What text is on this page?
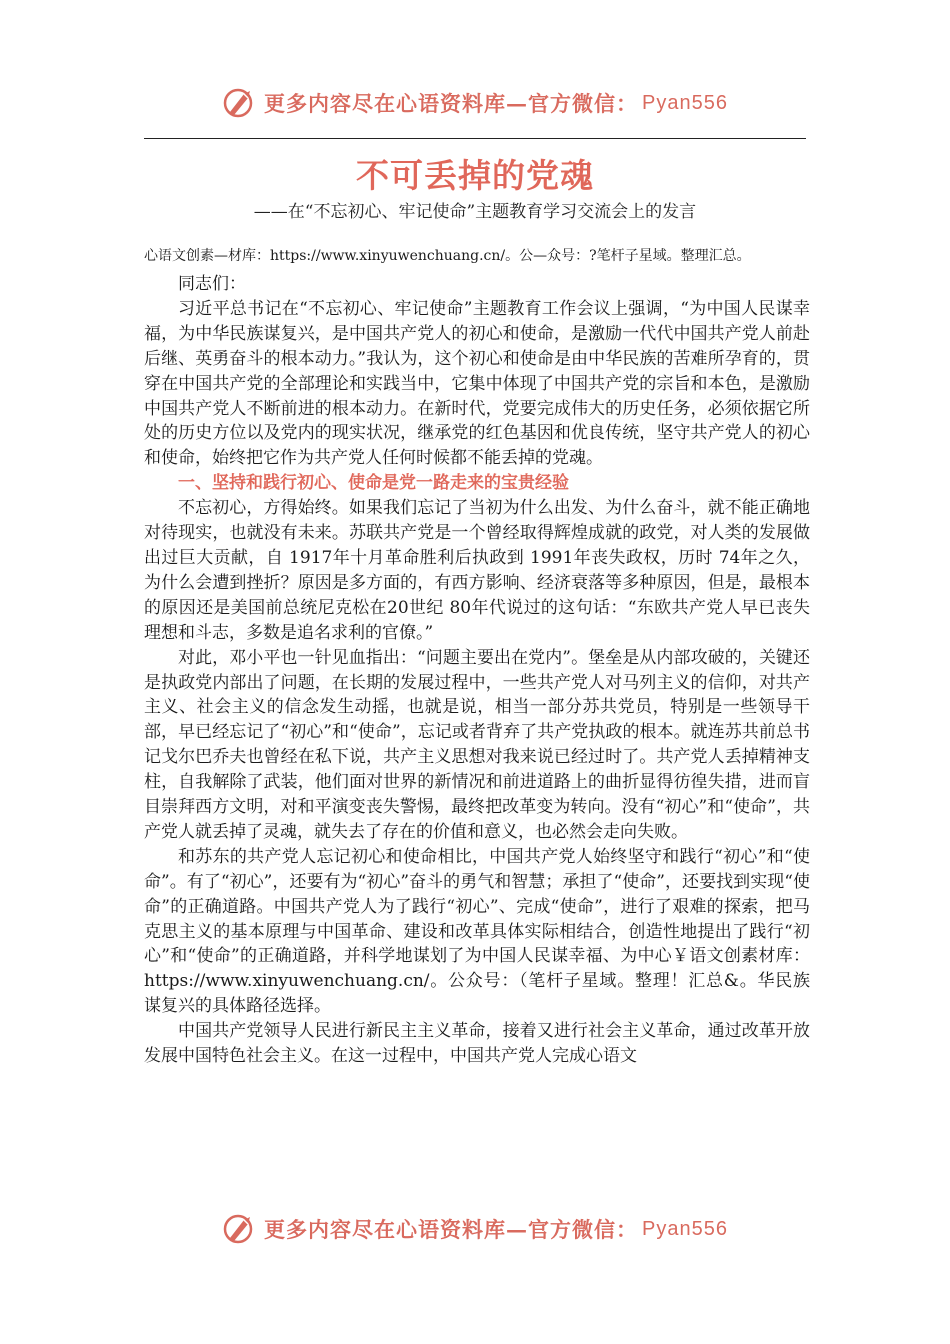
更多内容尽在心语资料库—官方微信： Pyan556
不可丢掉的党魂
——在“不忘初心、牢记使命”主题教育学习交流会上的发言

心语文创素—材库：https://www.xinyuwenchuang.cn/。公—众号：?笔杆子星域。整理汇总。

同志们：

习近平总书记在“不忘初心、牢记使命”主题教育工作会议上强调，“为中国人民谋幸福，为中华民族谋复兴，是中国共产党人的初心和使命，是激励一代代中国共产党人前赴后继、英勇奋斗的根本动力。”我认为，这个初心和使命是由中华民族的苦难所孕育的，贯穿在中国共产党的全部理论和实践当中，它集中体现了中国共产党的宗旨和本色，是激励中国共产党人不断前进的根本动力。在新时代，党要完成伟大的历史任务，必须依据它所处的历史方位以及党内的现实状况，继承党的红色基因和优良传统，坚守共产党人的初心和使命，始终把它作为共产党人任何时候都不能丢掉的党魂。

一、坚持和践行初心、使命是党一路走来的宝贵经验

不忘初心，方得始终。如果我们忘记了当初为什么出发、为什么奋斗，就不能正确地对待现实，也就没有未来。苏联共产党是一个曾经取得辉煌成就的政党，对人类的发展做出过巨大贡献，自 1917年十月革命胜利后执政到 1991年丧失政权，历时 74年之久，为什么会遭到挫折？原因是多方面的，有西方影响、经济衰落等多种原因，但是，最根本的原因还是美国前总统尼克松在20世纪 80年代说过的这句话：“东欧共产党人早已丧失理想和斗志，多数是追名求利的官僚。”

对此，邓小平也一针见血指出：“问题主要出在党内”。堡垒是从内部攻破的，关键还是执政党内部出了问题，在长期的发展过程中，一些共产党人对马列主义的信仰，对共产主义、社会主义的信念发生动摇，也就是说，相当一部分苏共党员，特别是一些领导干部，早已经忘记了“初心”和“使命”，忘记或者背弃了共产党执政的根本。就连苏共前总书记戈尔巴乔夫也曾经在私下说，共产主义思想对我来说已经过时了。共产党人丢掉精神支柱，自我解除了武装，他们面对世界的新情况和前进道路上的曲折显得彷徨失措，进而盲目崇拜西方文明，对和平演变丧失警惕，最终把改革变为转向。没有“初心”和“使命”，共产党人就丢掉了灵魂，就失去了存在的价值和意义，也必然会走向失败。

和苏东的共产党人忘记初心和使命相比，中国共产党人始终坚守和践行“初心”和“使命”。有了“初心”，还要有为“初心”奋斗的勇气和智慧；承担了“使命”，还要找到实现“使命”的正确道路。中国共产党人为了践行“初心”、完成“使命”，进行了艰难的探索，把马克思主义的基本原理与中国革命、建设和改革具体实际相结合，创造性地提出了践行“初心”和“使命”的正确道路，并科学地谋划了为中国人民谋幸福、为中心￥语文创素材库：https://www.xinyuwenchuang.cn/。公众号：（笔杆子星域。整理！汇总&。华民族谋复兴的具体路径选择。

中国共产党领导人民进行新民主主义革命，接着又进行社会主义革命，通过改革开放发展中国特色社会主义。在这一过程中，中国共产党人完成心语文

更多内容尽在心语资料库—官方微信： Pyan556
